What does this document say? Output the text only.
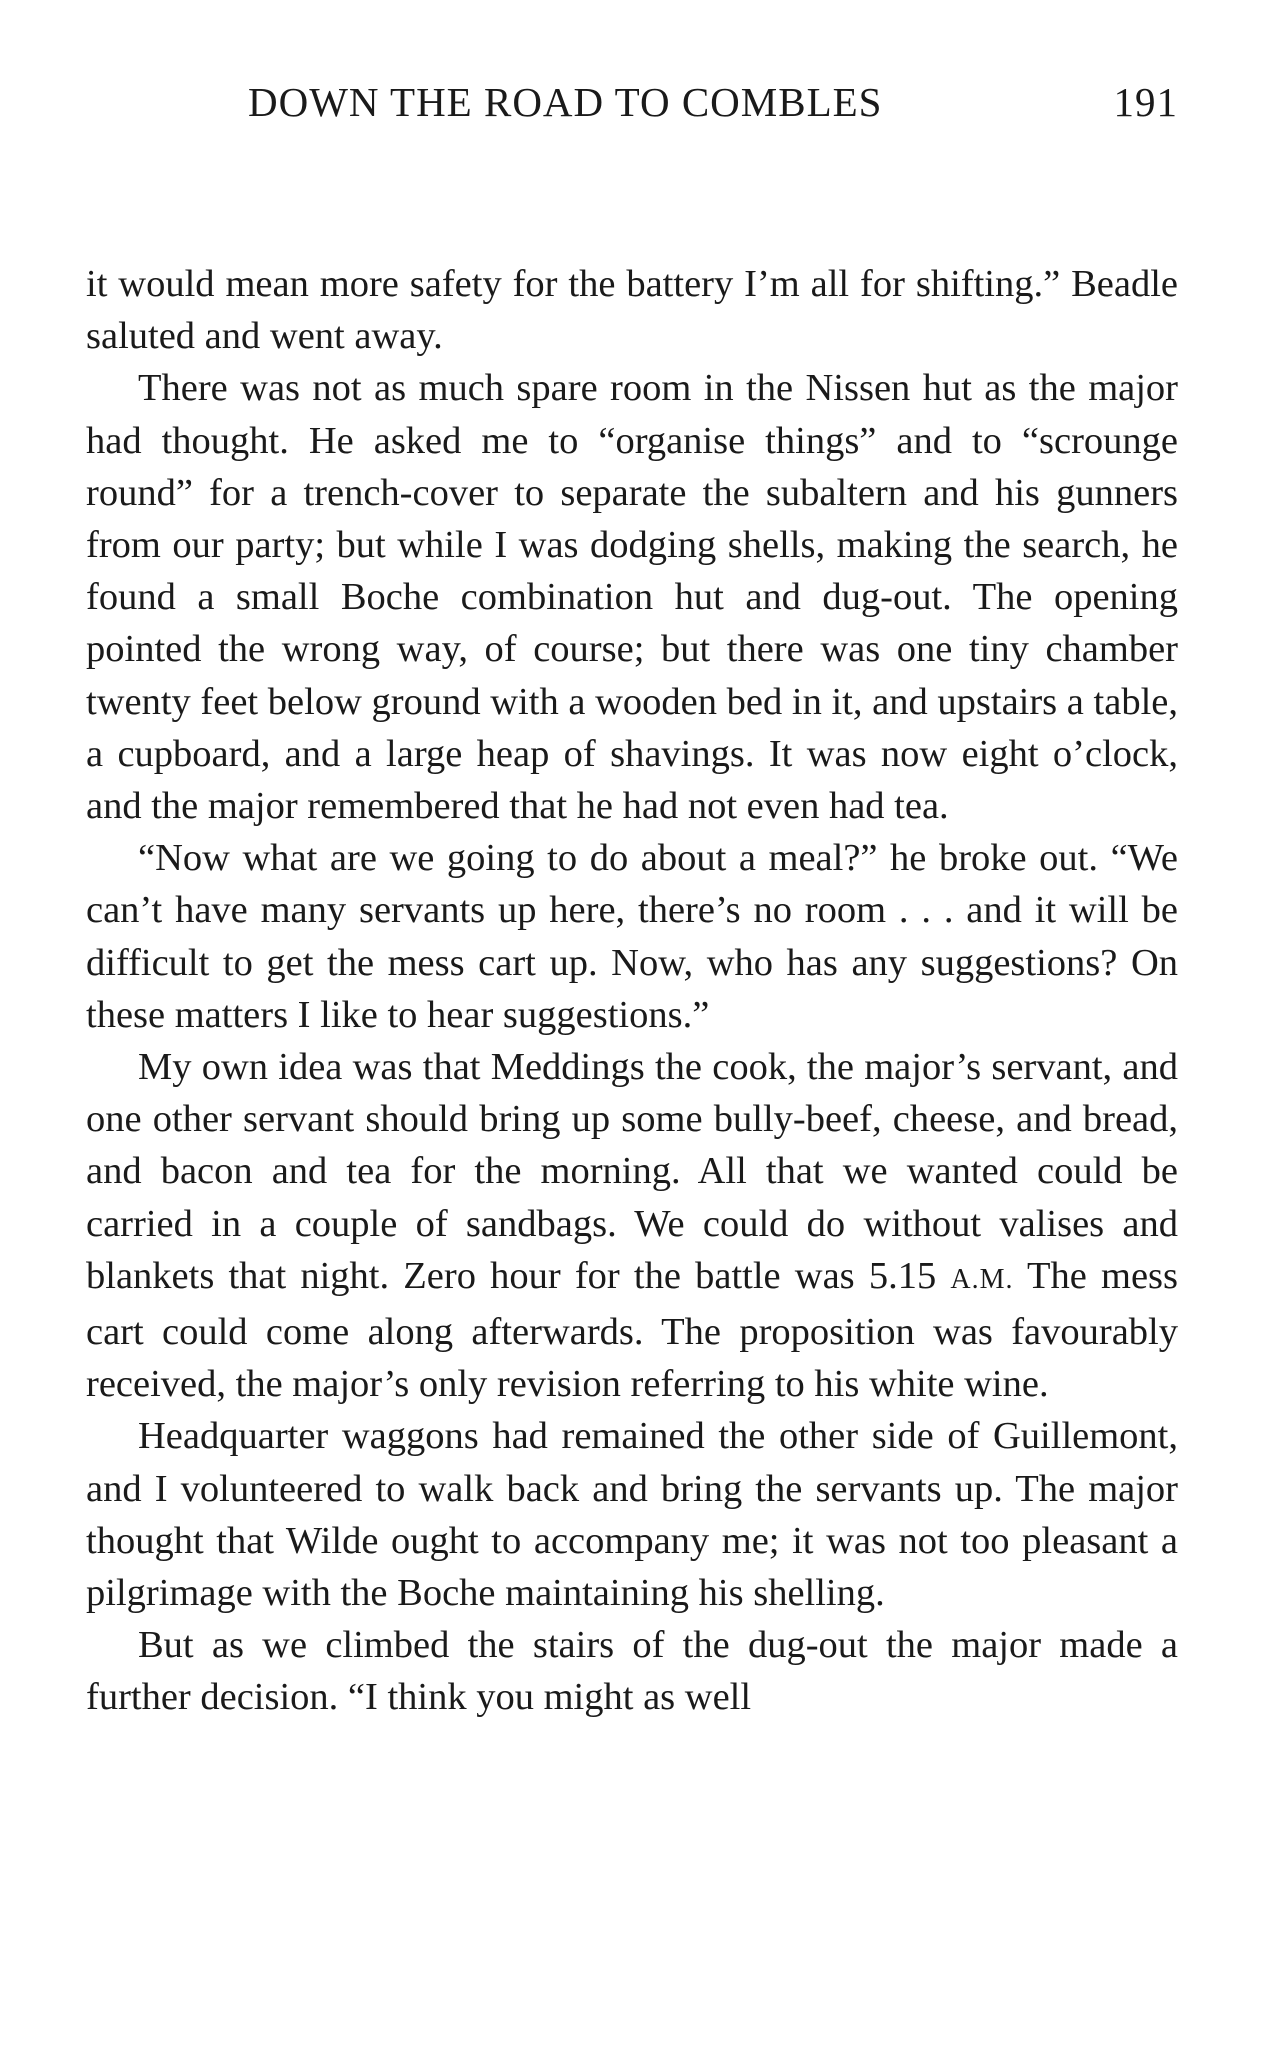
DOWN THE ROAD TO COMBLES	191

it would mean more safety for the battery I’m all for shifting.” Beadle saluted and went away.

There was not as much spare room in the Nissen hut as the major had thought. He asked me to “organise things” and to “scrounge round” for a trench-cover to separate the subaltern and his gunners from our party; but while I was dodging shells, making the search, he found a small Boche combination hut and dug-out. The opening pointed the wrong way, of course; but there was one tiny chamber twenty feet below ground with a wooden bed in it, and upstairs a table, a cupboard, and a large heap of shavings. It was now eight o’clock, and the major remembered that he had not even had tea.

“Now what are we going to do about a meal?” he broke out. “We can’t have many servants up here, there’s no room . . . and it will be difficult to get the mess cart up. Now, who has any suggestions? On these matters I like to hear suggestions.”

My own idea was that Meddings the cook, the major’s servant, and one other servant should bring up some bully-beef, cheese, and bread, and bacon and tea for the morning. All that we wanted could be carried in a couple of sandbags. We could do without valises and blankets that night. Zero hour for the battle was 5.15 A.M. The mess cart could come along afterwards. The proposition was favourably received, the major’s only revision referring to his white wine.

Headquarter waggons had remained the other side of Guillemont, and I volunteered to walk back and bring the servants up. The major thought that Wilde ought to accompany me; it was not too pleasant a pilgrimage with the Boche maintaining his shelling.

But as we climbed the stairs of the dug-out the major made a further decision. “I think you might as well
